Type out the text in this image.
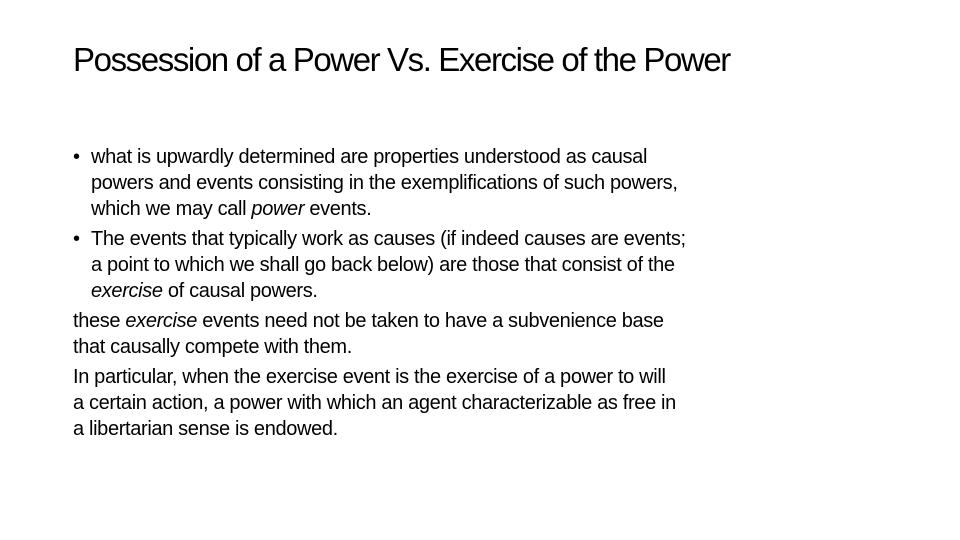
Possession of a Power Vs. Exercise of the Power
• what is upwardly determined are properties understood as causal
powers and events consisting in the exemplifications of such powers,
which we may call power events.
• The events that typically work as causes (if indeed causes are events;
a point to which we shall go back below) are those that consist of the
exercise of causal powers.
these exercise events need not be taken to have a subvenience base
that causally compete with them.
In particular, when the exercise event is the exercise of a power to will
a certain action, a power with which an agent characterizable as free in
a libertarian sense is endowed.
